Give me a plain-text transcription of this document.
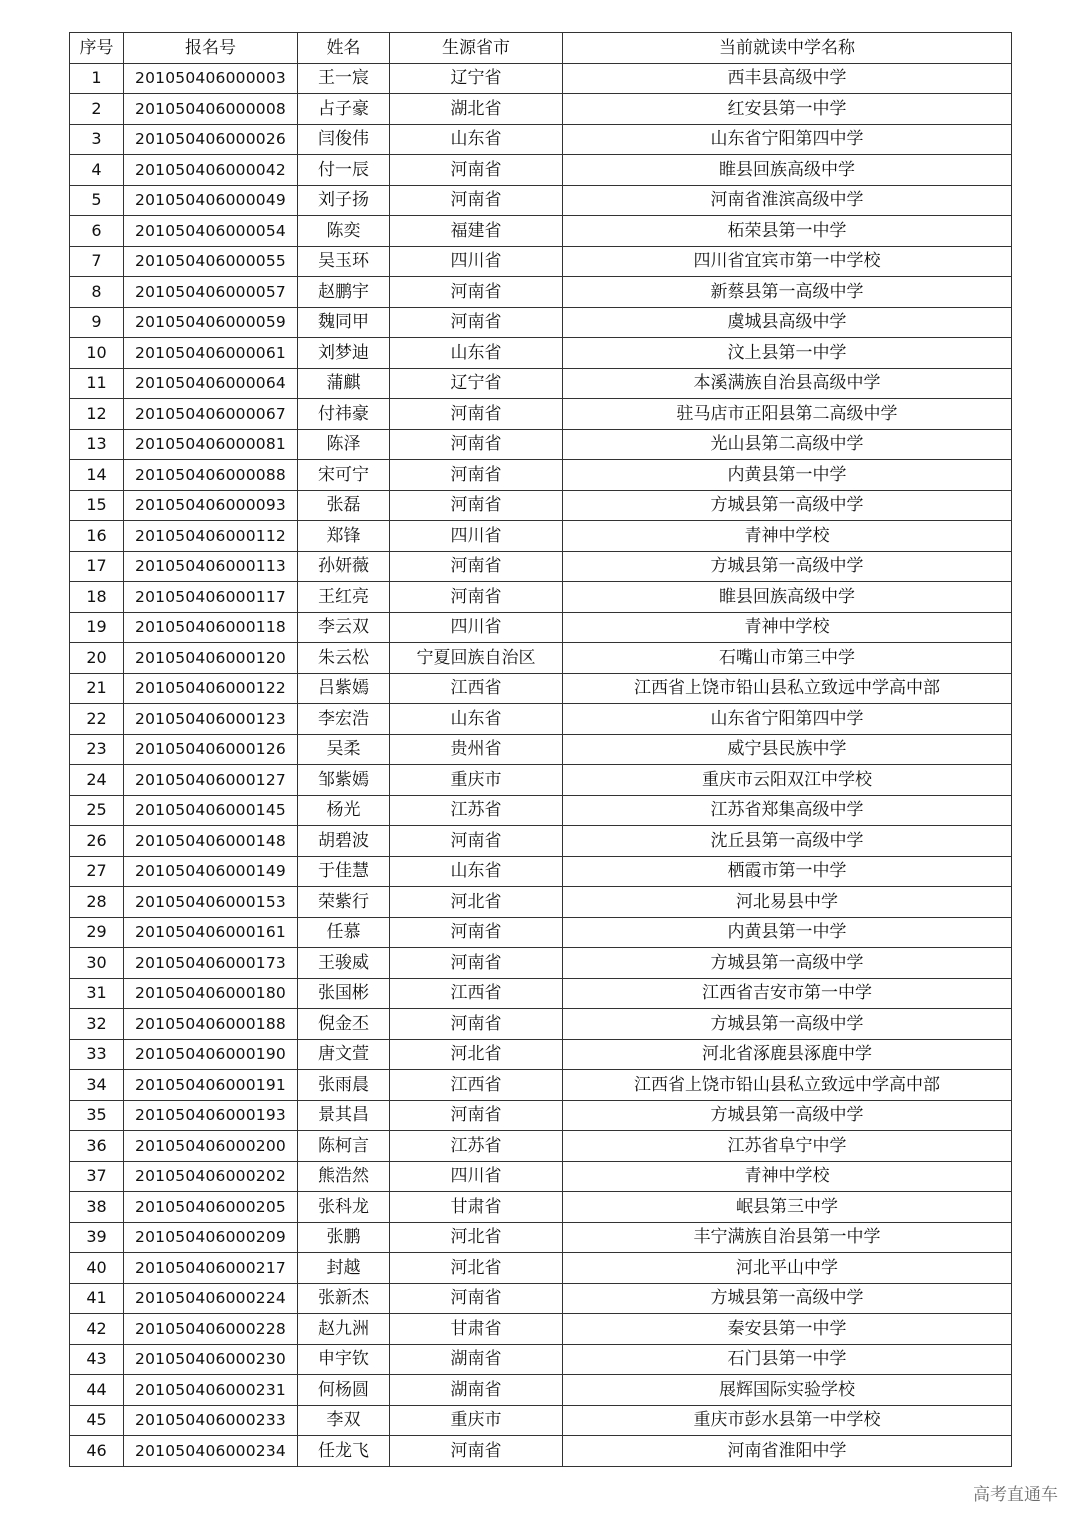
序号	报名号	姓名	生源省市	当前就读中学名称
1	201050406000003	王一宸	辽宁省	西丰县高级中学
2	201050406000008	占子豪	湖北省	红安县第一中学
3	201050406000026	闫俊伟	山东省	山东省宁阳第四中学
4	201050406000042	付一辰	河南省	睢县回族高级中学
5	201050406000049	刘子扬	河南省	河南省淮滨高级中学
6	201050406000054	陈奕	福建省	柘荣县第一中学
7	201050406000055	吴玉环	四川省	四川省宜宾市第一中学校
8	201050406000057	赵鹏宇	河南省	新蔡县第一高级中学
9	201050406000059	魏同甲	河南省	虞城县高级中学
10	201050406000061	刘梦迪	山东省	汶上县第一中学
11	201050406000064	蒲麒	辽宁省	本溪满族自治县高级中学
12	201050406000067	付祎豪	河南省	驻马店市正阳县第二高级中学
13	201050406000081	陈泽	河南省	光山县第二高级中学
14	201050406000088	宋可宁	河南省	内黄县第一中学
15	201050406000093	张磊	河南省	方城县第一高级中学
16	201050406000112	郑锋	四川省	青神中学校
17	201050406000113	孙妍薇	河南省	方城县第一高级中学
18	201050406000117	王红亮	河南省	睢县回族高级中学
19	201050406000118	李云双	四川省	青神中学校
20	201050406000120	朱云松	宁夏回族自治区	石嘴山市第三中学
21	201050406000122	吕紫嫣	江西省	江西省上饶市铅山县私立致远中学高中部
22	201050406000123	李宏浩	山东省	山东省宁阳第四中学
23	201050406000126	吴柔	贵州省	威宁县民族中学
24	201050406000127	邹紫嫣	重庆市	重庆市云阳双江中学校
25	201050406000145	杨光	江苏省	江苏省郑集高级中学
26	201050406000148	胡碧波	河南省	沈丘县第一高级中学
27	201050406000149	于佳慧	山东省	栖霞市第一中学
28	201050406000153	荣紫行	河北省	河北易县中学
29	201050406000161	任慕	河南省	内黄县第一中学
30	201050406000173	王骏威	河南省	方城县第一高级中学
31	201050406000180	张国彬	江西省	江西省吉安市第一中学
32	201050406000188	倪金丕	河南省	方城县第一高级中学
33	201050406000190	唐文萱	河北省	河北省涿鹿县涿鹿中学
34	201050406000191	张雨晨	江西省	江西省上饶市铅山县私立致远中学高中部
35	201050406000193	景其昌	河南省	方城县第一高级中学
36	201050406000200	陈柯言	江苏省	江苏省阜宁中学
37	201050406000202	熊浩然	四川省	青神中学校
38	201050406000205	张科龙	甘肃省	岷县第三中学
39	201050406000209	张鹏	河北省	丰宁满族自治县第一中学
40	201050406000217	封越	河北省	河北平山中学
41	201050406000224	张新杰	河南省	方城县第一高级中学
42	201050406000228	赵九洲	甘肃省	秦安县第一中学
43	201050406000230	申宇钦	湖南省	石门县第一中学
44	201050406000231	何杨圆	湖南省	展辉国际实验学校
45	201050406000233	李双	重庆市	重庆市彭水县第一中学校
46	201050406000234	任龙飞	河南省	河南省淮阳中学
高考直通车
